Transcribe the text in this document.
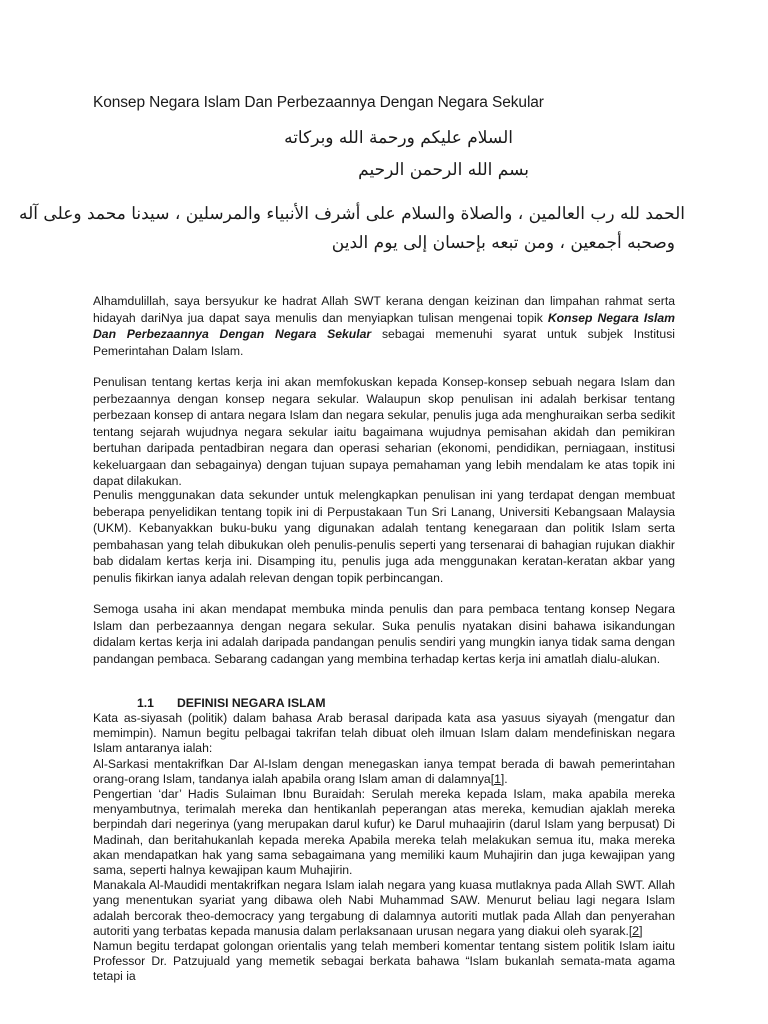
Konsep Negara Islam Dan Perbezaannya Dengan Negara Sekular
السلام عليكم ورحمة الله وبركاته
بسم الله الرحمن الرحيم
الحمد لله رب العالمين ، والصلاة والسلام على أشرف الأنبياء والمرسلين ، سيدنا محمد وعلى آله
وصحبه أجمعين ، ومن تبعه بإحسان إلى يوم الدين
Alhamdulillah, saya bersyukur ke hadrat Allah SWT kerana dengan keizinan dan limpahan rahmat serta hidayah dariNya jua dapat saya menulis dan menyiapkan tulisan mengenai topik Konsep Negara Islam Dan Perbezaannya Dengan Negara Sekular sebagai memenuhi syarat untuk subjek Institusi Pemerintahan Dalam Islam.
Penulisan tentang kertas kerja ini akan memfokuskan kepada Konsep-konsep sebuah negara Islam dan perbezaannya dengan konsep negara sekular. Walaupun skop penulisan ini adalah berkisar tentang perbezaan konsep di antara negara Islam dan negara sekular, penulis juga ada menghuraikan serba sedikit tentang sejarah wujudnya negara sekular iaitu bagaimana wujudnya pemisahan akidah dan pemikiran bertuhan daripada pentadbiran negara dan operasi seharian (ekonomi, pendidikan, perniagaan, institusi kekeluargaan dan sebagainya) dengan tujuan supaya pemahaman yang lebih mendalam ke atas topik ini dapat dilakukan.
Penulis menggunakan data sekunder untuk melengkapkan penulisan ini yang terdapat dengan membuat beberapa penyelidikan tentang topik ini di Perpustakaan Tun Sri Lanang, Universiti Kebangsaan Malaysia (UKM). Kebanyakkan buku-buku yang digunakan adalah tentang kenegaraan dan politik Islam serta pembahasan yang telah dibukukan oleh penulis-penulis seperti yang tersenarai di bahagian rujukan diakhir bab didalam kertas kerja ini. Disamping itu, penulis juga ada menggunakan keratan-keratan akbar yang penulis fikirkan ianya adalah relevan dengan topik perbincangan.
Semoga usaha ini akan mendapat membuka minda penulis dan para pembaca tentang konsep Negara Islam dan perbezaannya dengan negara sekular. Suka penulis nyatakan disini bahawa isikandungan didalam kertas kerja ini adalah daripada pandangan penulis sendiri yang mungkin ianya tidak sama dengan pandangan pembaca. Sebarang cadangan yang membina terhadap kertas kerja ini amatlah dialu-alukan.
1.1 DEFINISI NEGARA ISLAM

Kata as-siyasah (politik) dalam bahasa Arab berasal daripada kata asa yasuus siyayah (mengatur dan memimpin). Namun begitu pelbagai takrifan telah dibuat oleh ilmuan Islam dalam mendefiniskan negara Islam antaranya ialah:

Al-Sarkasi mentakrifkan Dar Al-Islam dengan menegaskan ianya tempat berada di bawah pemerintahan orang-orang Islam, tandanya ialah apabila orang Islam aman di dalamnya[1].

Pengertian ‘dar’ Hadis Sulaiman Ibnu Buraidah: Serulah mereka kepada Islam, maka apabila mereka menyambutnya, terimalah mereka dan hentikanlah peperangan atas mereka, kemudian ajaklah mereka berpindah dari negerinya (yang merupakan darul kufur) ke Darul muhaajirin (darul Islam yang berpusat) Di Madinah, dan beritahukanlah kepada mereka Apabila mereka telah melakukan semua itu, maka mereka akan mendapatkan hak yang sama sebagaimana yang memiliki kaum Muhajirin dan juga kewajipan yang sama, seperti halnya kewajipan kaum Muhajirin.

Manakala Al-Maudidi mentakrifkan negara Islam ialah negara yang kuasa mutlaknya pada Allah SWT. Allah yang menentukan syariat yang dibawa oleh Nabi Muhammad SAW. Menurut beliau lagi negara Islam adalah bercorak theo-democracy yang tergabung di dalamnya autoriti mutlak pada Allah dan penyerahan autoriti yang terbatas kepada manusia dalam perlaksanaan urusan negara yang diakui oleh syarak.[2]

Namun begitu terdapat golongan orientalis yang telah memberi komentar tentang sistem politik Islam iaitu Professor Dr. Patzujuald yang memetik sebagai berkata bahawa “Islam bukanlah semata-mata agama tetapi ia
